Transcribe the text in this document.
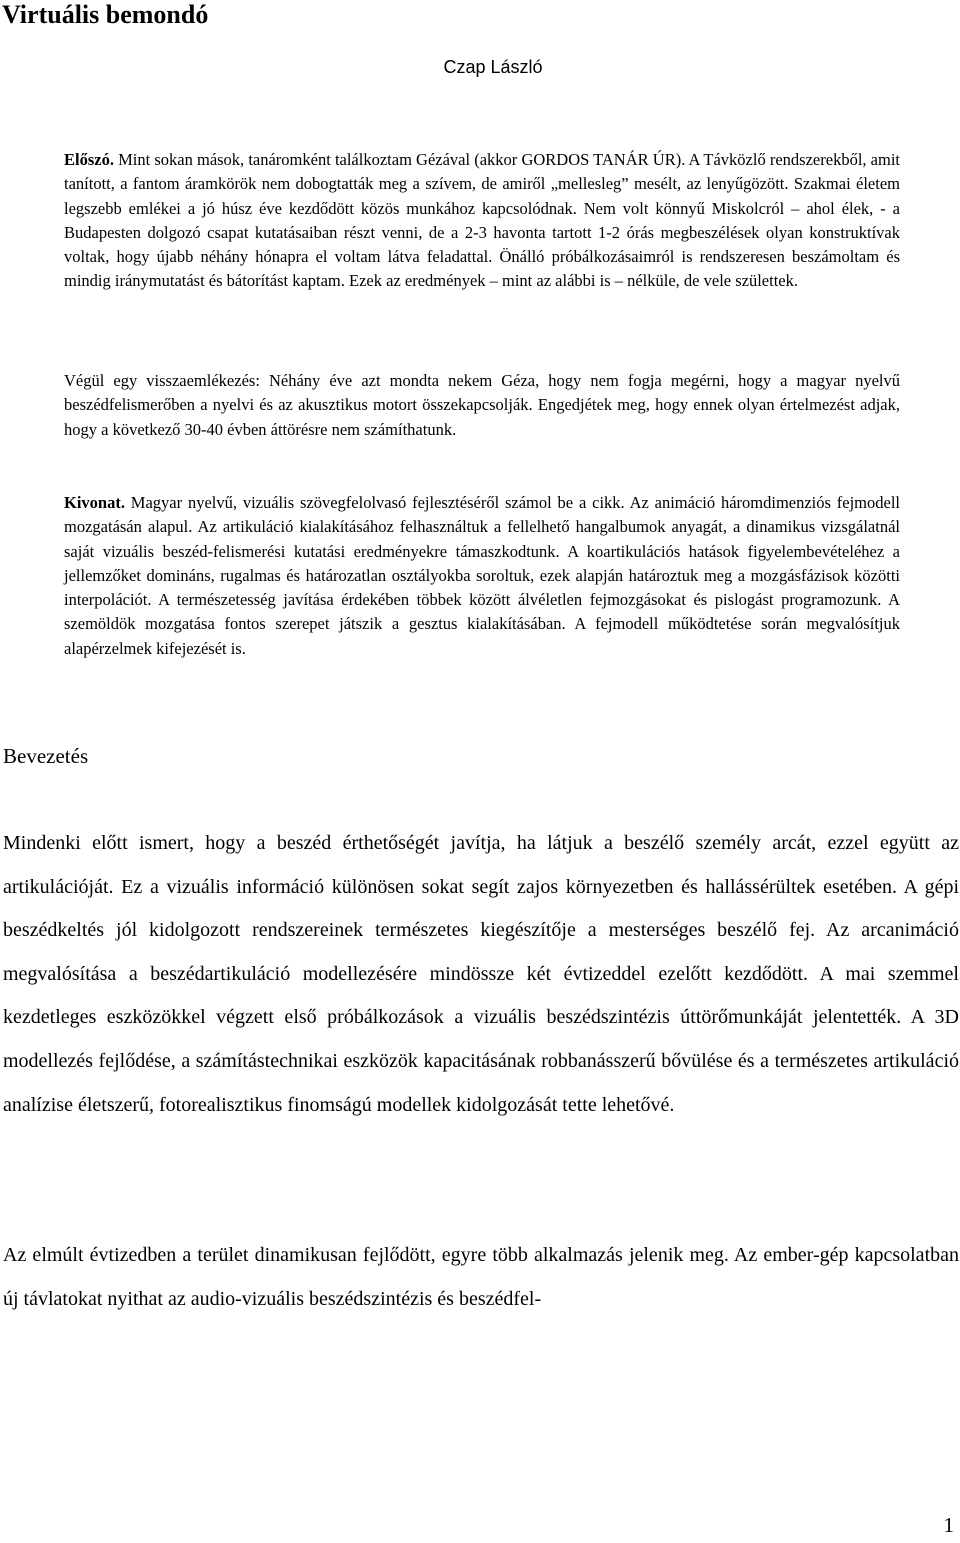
Virtuális bemondó
Czap László

Előszó. Mint sokan mások, tanáromként találkoztam Gézával (akkor GORDOS TANÁR ÚR). A Távközlő rendszerekből, amit tanított, a fantom áramkörök nem dobogtatták meg a szívem, de amiről „mellesleg” mesélt, az lenyűgözött. Szakmai életem legszebb emlékei a jó húsz éve kezdődött közös munkához kapcsolódnak. Nem volt könnyű Miskolcról – ahol élek, - a Budapesten dolgozó csapat kutatásaiban részt venni, de a 2-3 havonta tartott 1-2 órás megbeszélések olyan konstruktívak voltak, hogy újabb néhány hónapra el voltam látva feladattal. Önálló próbálkozásaimról is rendszeresen beszámoltam és mindig iránymutatást és bátorítást kaptam. Ezek az eredmények – mint az alábbi is – nélküle, de vele születtek.

Végül egy visszaemlékezés: Néhány éve azt mondta nekem Géza, hogy nem fogja megérni, hogy a magyar nyelvű beszédfelismerőben a nyelvi és az akusztikus motort összekapcsolják. Engedjétek meg, hogy ennek olyan értelmezést adjak, hogy a következő 30-40 évben áttörésre nem számíthatunk.

Kivonat. Magyar nyelvű, vizuális szövegfelolvasó fejlesztéséről számol be a cikk. Az animáció háromdimenziós fejmodell mozgatásán alapul. Az artikuláció kialakításához felhasználtuk a fellelhető hangalbumok anyagát, a dinamikus vizsgálatnál saját vizuális beszéd-felismerési kutatási eredményekre támaszkodtunk. A koartikulációs hatások figyelembevételéhez a jellemzőket domináns, rugalmas és határozatlan osztályokba soroltuk, ezek alapján határoztuk meg a mozgásfázisok közötti interpolációt. A természetesség javítása érdekében többek között álvéletlen fejmozgásokat és pislogást programozunk. A szemöldök mozgatása fontos szerepet játszik a gesztus kialakításában. A fejmodell működtetése során megvalósítjuk alapérzelmek kifejezését is.

Bevezetés

Mindenki előtt ismert, hogy a beszéd érthetőségét javítja, ha látjuk a beszélő személy arcát, ezzel együtt az artikulációját. Ez a vizuális információ különösen sokat segít zajos környezetben és hallássérültek esetében. A gépi beszédkeltés jól kidolgozott rendszereinek természetes kiegészítője a mesterséges beszélő fej. Az arcanimáció megvalósítása a beszédartikuláció modellezésére mindössze két évtizeddel ezelőtt kezdődött. A mai szemmel kezdetleges eszközökkel végzett első próbálkozások a vizuális beszédszintézis úttörőmunkáját jelentették. A 3D modellezés fejlődése, a számítástechnikai eszközök kapacitásának robbanásszerű bővülése és a természetes artikuláció analízise életszerű, fotorealisztikus finomságú modellek kidolgozását tette lehetővé.

Az elmúlt évtizedben a terület dinamikusan fejlődött, egyre több alkalmazás jelenik meg. Az ember-gép kapcsolatban új távlatokat nyithat az audio-vizuális beszédszintézis és beszédfel-

1
